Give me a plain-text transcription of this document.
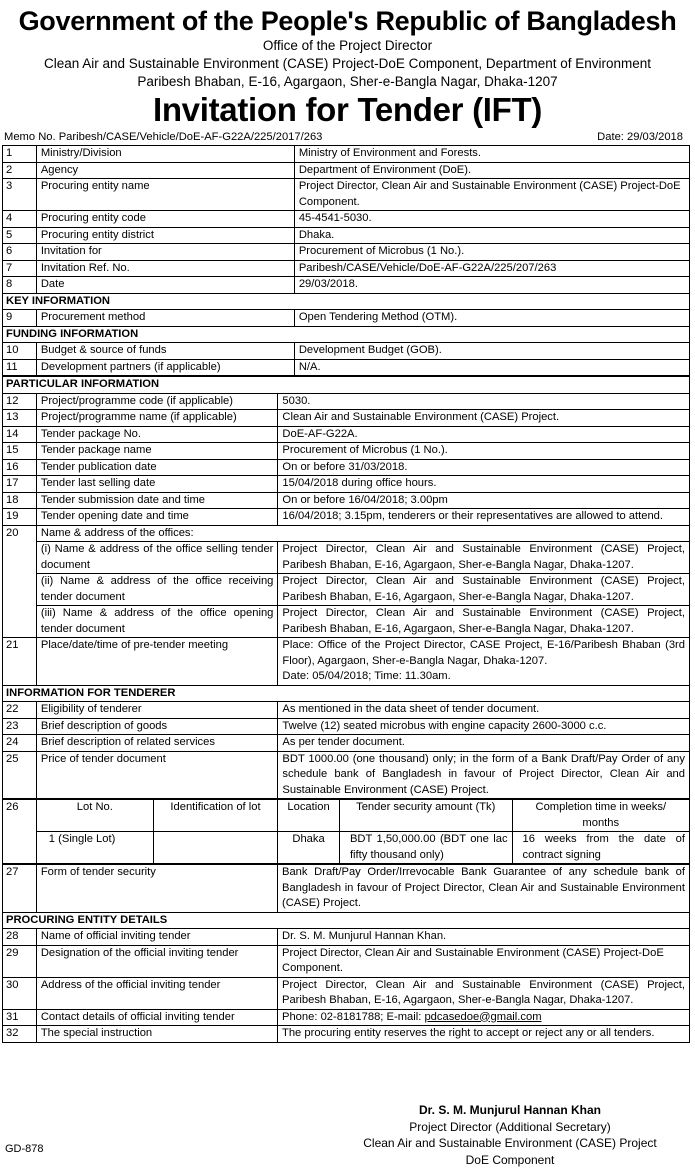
Government of the People's Republic of Bangladesh
Office of the Project Director
Clean Air and Sustainable Environment (CASE) Project-DoE Component, Department of Environment
Paribesh Bhaban, E-16, Agargaon, Sher-e-Bangla Nagar, Dhaka-1207
Invitation for Tender (IFT)
Memo No. Paribesh/CASE/Vehicle/DoE-AF-G22A/225/2017/263	Date: 29/03/2018
1	Ministry/Division	Ministry of Environment and Forests.
2	Agency	Department of Environment (DoE).
3	Procuring entity name	Project Director, Clean Air and Sustainable Environment (CASE) Project-DoE Component.
4	Procuring entity code	45-4541-5030.
5	Procuring entity district	Dhaka.
6	Invitation for	Procurement of Microbus (1 No.).
7	Invitation Ref. No.	Paribesh/CASE/Vehicle/DoE-AF-G22A/225/207/263
8	Date	29/03/2018.
KEY INFORMATION		
9	Procurement method	Open Tendering Method (OTM).
FUNDING INFORMATION		
10	Budget & source of funds	Development Budget (GOB).
11	Development partners (if applicable)	N/A.
PARTICULAR INFORMATION		
12	Project/programme code (if applicable)	5030.
13	Project/programme name (if applicable)	Clean Air and Sustainable Environment (CASE) Project.
14	Tender package No.	DoE-AF-G22A.
15	Tender package name	Procurement of Microbus (1 No.).
16	Tender publication date	On or before 31/03/2018.
17	Tender last selling date	15/04/2018 during office hours.
18	Tender submission date and time	On or before 16/04/2018; 3.00pm
19	Tender opening date and time	16/04/2018; 3.15pm, tenderers or their representatives are allowed to attend.
20	Name & address of the offices:	
	(i) Name & address of the office selling tender document	Project Director, Clean Air and Sustainable Environment (CASE) Project, Paribesh Bhaban, E-16, Agargaon, Sher-e-Bangla Nagar, Dhaka-1207.
	(ii) Name & address of the office receiving tender document	Project Director, Clean Air and Sustainable Environment (CASE) Project, Paribesh Bhaban, E-16, Agargaon, Sher-e-Bangla Nagar, Dhaka-1207.
	(iii) Name & address of the office opening tender document	Project Director, Clean Air and Sustainable Environment (CASE) Project, Paribesh Bhaban, E-16, Agargaon, Sher-e-Bangla Nagar, Dhaka-1207.
21	Place/date/time of pre-tender meeting	Place: Office of the Project Director, CASE Project, E-16/Paribesh Bhaban (3rd Floor), Agargaon, Sher-e-Bangla Nagar, Dhaka-1207.
Date: 05/04/2018; Time: 11.30am.
INFORMATION FOR TENDERER		
22	Eligibility of tenderer	As mentioned in the data sheet of tender document.
23	Brief description of goods	Twelve (12) seated microbus with engine capacity 2600-3000 c.c.
24	Brief description of related services	As per tender document.
25	Price of tender document	BDT 1000.00 (one thousand) only; in the form of a Bank Draft/Pay Order of any schedule bank of Bangladesh in favour of Project Director, Clean Air and Sustainable Environment (CASE) Project.
26	Lot No.	Identification of lot	Location	Tender security amount (Tk)	Completion time in weeks/ months
	1 (Single Lot)		Dhaka	BDT 1,50,000.00 (BDT one lac fifty thousand only)	16 weeks from the date of contract signing
27	Form of tender security	Bank Draft/Pay Order/Irrevocable Bank Guarantee of any schedule bank of Bangladesh in favour of Project Director, Clean Air and Sustainable Environment (CASE) Project.
PROCURING ENTITY DETAILS		
28	Name of official inviting tender	Dr. S. M. Munjurul Hannan Khan.
29	Designation of the official inviting tender	Project Director, Clean Air and Sustainable Environment (CASE) Project-DoE Component.
30	Address of the official inviting tender	Project Director, Clean Air and Sustainable Environment (CASE) Project, Paribesh Bhaban, E-16, Agargaon, Sher-e-Bangla Nagar, Dhaka-1207.
31	Contact details of official inviting tender	Phone: 02-8181788; E-mail: pdcasedoe@gmail.com
32	The special instruction	The procuring entity reserves the right to accept or reject any or all tenders.
Dr. S. M. Munjurul Hannan Khan
Project Director (Additional Secretary)
Clean Air and Sustainable Environment (CASE) Project
DoE Component
GD-878
